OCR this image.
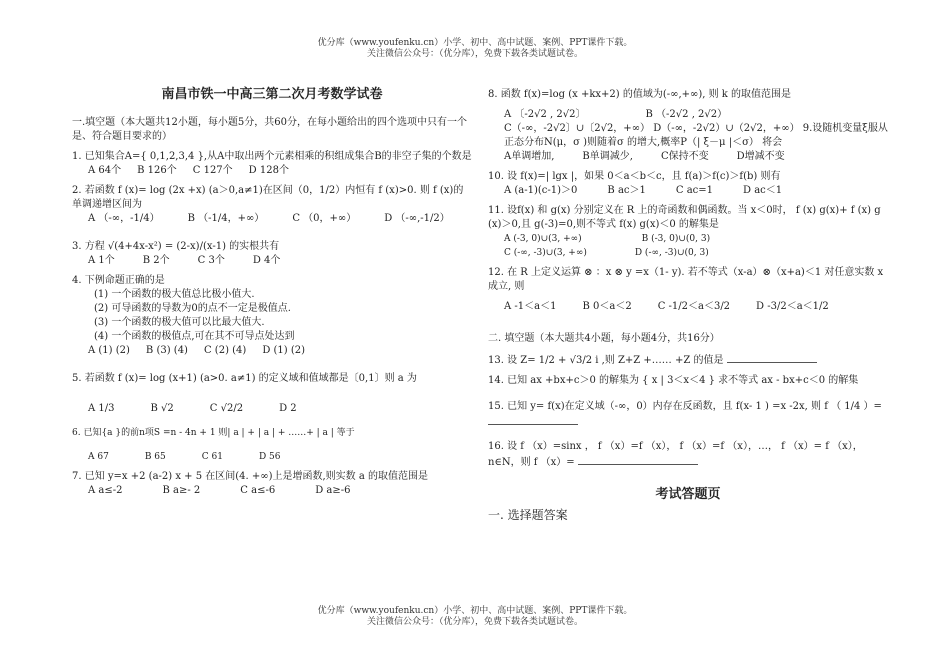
优分库（www.youfenku.cn）小学、初中、高中试题、案例、PPT课件下载。
关注微信公众号：（优分库），免费下载各类试题试卷。
南昌市铁一中高三第二次月考数学试卷
一.填空题（本大题共12小题，每小题5分，共60分，在每小题给出的四个选项中只有一个是、符合题目要求的）
1. 已知集合A={ 0,1,2,3,4 },从A中取出两个元素相乘的积组成集合B的非空子集的个数是
A 64个 B 126个 C 127个 D 128个
2. 若函数 f (x)= log (2x +x) (a＞0,a≠1)在区间（0，1/2）内恒有 f (x)>0. 则 f (x)的单调递增区间为
A （-∞，-1/4）	B （-1/4，+∞）	C （0，+∞）	D （-∞,-1/2）
3. 方程 √(4+4x-x²) = (2-x)/(x-1) 的实根共有
A 1个	B 2个	C 3个	D 4个
4. 下例命题正确的是
(1) 一个函数的极大值总比极小值大.
(2) 可导函数的导数为0的点不一定是极值点.
(3) 一个函数的极大值可以比最大值大.
(4) 一个函数的极值点,可在其不可导点处达到
A (1) (2) B (3) (4) C (2) (4) D (1) (2)
5. 若函数 f (x)= log (x+1) (a>0. a≠1) 的定义域和值域都是〔0,1〕则 a 为
A 1/3	B √2	C √2/2	D 2
6. 已知{a }的前n项S =n - 4n + 1 则| a | + | a | + ……+ | a | 等于
A 67	B 65	C 61	D 56
7. 已知 y=x +2 (a-2) x + 5 在区间(4. +∞)上是增函数,则实数 a 的取值范围是
A a≤-2	B a≥- 2	C a≤-6	D a≥-6
8. 函数 f(x)=log (x +kx+2) 的值域为(-∞,+∞), 则 k 的取值范围是
A 〔-2√2 , 2√2〕	B （-2√2 , 2√2）
C（-∞，-2√2〕∪〔2√2，+∞） D（-∞，-2√2）∪（2√2，+∞） 9.设随机变量ξ服从正态分布N(μ，σ )则随着σ 的增大,概率P（| ξ－μ |＜σ） 将会
A单调增加,	B单调减少,	C保持不变	D增减不变
10. 设 f(x)=| lgx |，如果 0＜a＜b＜c，且 f(a)＞f(c)＞f(b) 则有
A (a-1)(c-1)＞0	B ac＞1	C ac=1	D ac＜1
11. 设f(x) 和 g(x) 分别定义在 R 上的奇函数和偶函数。当 x＜0时， f (x) g(x)+ f (x) g (x)＞0,且 g(-3)=0,则不等式 f(x) g(x)＜0 的解集是
A (-3, 0)∪(3, +∞)	B (-3, 0)∪(0, 3)
C (-∞, -3)∪(3, +∞)	D (-∞, -3)∪(0, 3)
12. 在 R 上定义运算 ⊗ ：x ⊗ y =x（1- y). 若不等式（x-a）⊗（x+a)＜1 对任意实数 x 成立, 则
A -1＜a＜1	B 0＜a＜2	C -1/2＜a＜3/2	D -3/2＜a＜1/2
二. 填空题（本大题共4小题，每小题4分，共16分）
13. 设 Z= 1/2 + √3/2 i ,则 Z+Z +…… +Z 的值是
14. 已知 ax +bx+c＞0 的解集为 { x | 3＜x＜4 } 求不等式 ax - bx+c＜0 的解集
15. 已知 y= f(x)在定义域（-∞，0）内存在反函数，且 f(x- 1 ) =x -2x, 则 f （ 1/4 ）=
16. 设 f （x）=sinx ， f （x）=f （x）， f （x）=f （x），…， f （x）= f （x），n∈N，则 f （x）=
考试答题页
一. 选择题答案
优分库（www.youfenku.cn）小学、初中、高中试题、案例、PPT课件下载。
关注微信公众号：（优分库），免费下载各类试题试卷。
